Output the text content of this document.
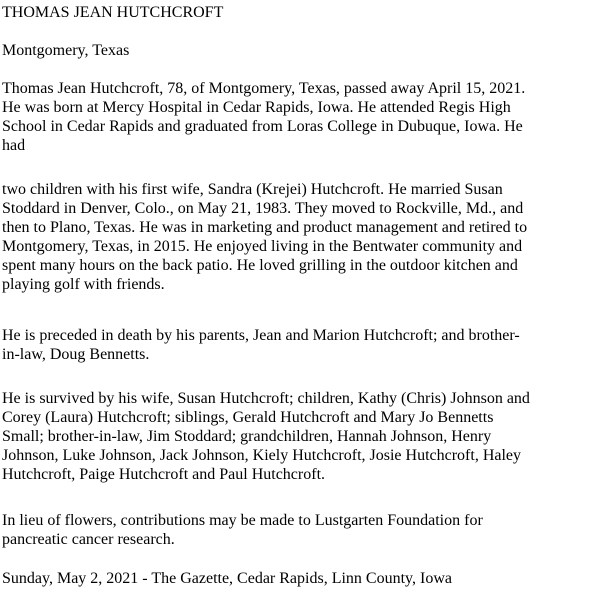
THOMAS JEAN HUTCHCROFT

Montgomery, Texas

Thomas Jean Hutchcroft, 78, of Montgomery, Texas, passed away April 15, 2021.
He was born at Mercy Hospital in Cedar Rapids, Iowa. He attended Regis High
School in Cedar Rapids and graduated from Loras College in Dubuque, Iowa. He
had

two children with his first wife, Sandra (Krejei) Hutchcroft. He married Susan
Stoddard in Denver, Colo., on May 21, 1983. They moved to Rockville, Md., and
then to Plano, Texas. He was in marketing and product management and retired to
Montgomery, Texas, in 2015. He enjoyed living in the Bentwater community and
spent many hours on the back patio. He loved grilling in the outdoor kitchen and
playing golf with friends.

He is preceded in death by his parents, Jean and Marion Hutchcroft; and brother-
in-law, Doug Bennetts.

He is survived by his wife, Susan Hutchcroft; children, Kathy (Chris) Johnson and
Corey (Laura) Hutchcroft; siblings, Gerald Hutchcroft and Mary Jo Bennetts
Small; brother-in-law, Jim Stoddard; grandchildren, Hannah Johnson, Henry
Johnson, Luke Johnson, Jack Johnson, Kiely Hutchcroft, Josie Hutchcroft, Haley
Hutchcroft, Paige Hutchcroft and Paul Hutchcroft.

In lieu of flowers, contributions may be made to Lustgarten Foundation for
pancreatic cancer research.

Sunday, May 2, 2021 - The Gazette, Cedar Rapids, Linn County, Iowa
